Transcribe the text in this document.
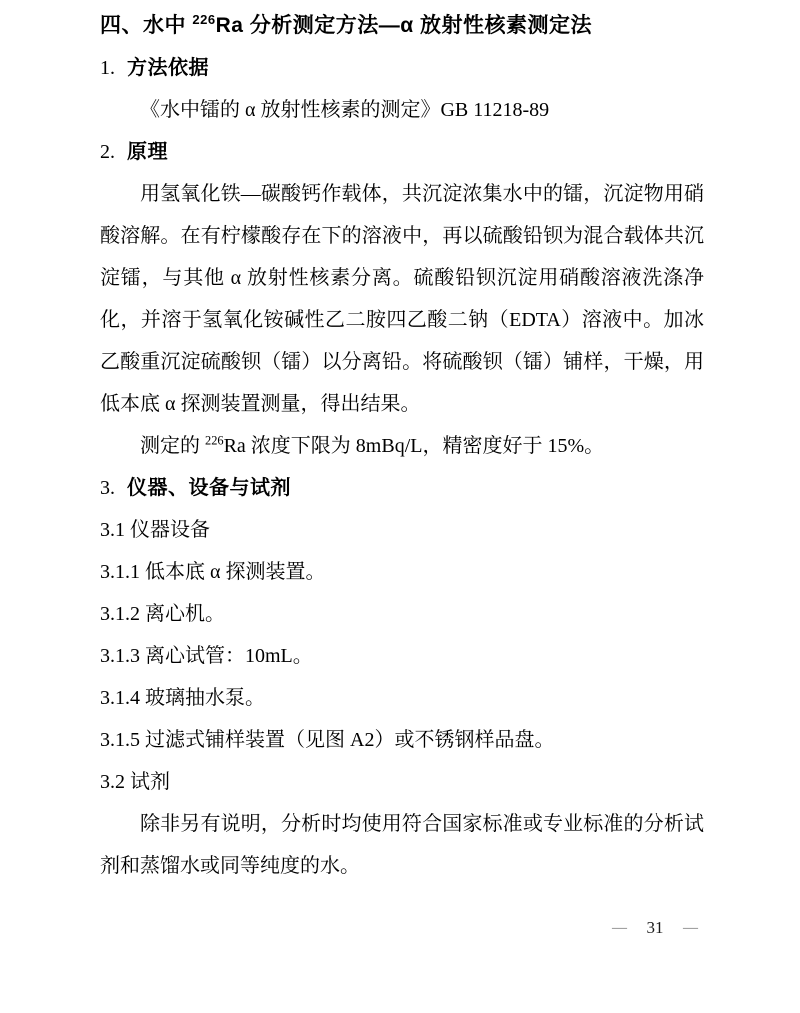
四、水中 $^{226}$Ra 分析测定方法—α 放射性核素测定法
1. 方法依据

《水中镭的 α 放射性核素的测定》GB 11218-89

2. 原理

用氢氧化铁—碳酸钙作载体，共沉淀浓集水中的镭，沉淀物用硝酸溶解。在有柠檬酸存在下的溶液中，再以硫酸铅钡为混合载体共沉淀镭，与其他 α 放射性核素分离。硫酸铅钡沉淀用硝酸溶液洗涤净化，并溶于氢氧化铵碱性乙二胺四乙酸二钠（EDTA）溶液中。加冰乙酸重沉淀硫酸钡（镭）以分离铅。将硫酸钡（镭）铺样，干燥，用低本底 α 探测装置测量，得出结果。

测定的 $^{226}$Ra 浓度下限为 8mBq/L，精密度好于 15%。

3. 仪器、设备与试剂

3.1 仪器设备

3.1.1 低本底 α 探测装置。

3.1.2 离心机。

3.1.3 离心试管：10mL。

3.1.4 玻璃抽水泵。

3.1.5 过滤式铺样装置（见图 A2）或不锈钢样品盘。

3.2 试剂

除非另有说明，分析时均使用符合国家标准或专业标准的分析试剂和蒸馏水或同等纯度的水。

— 31 —
